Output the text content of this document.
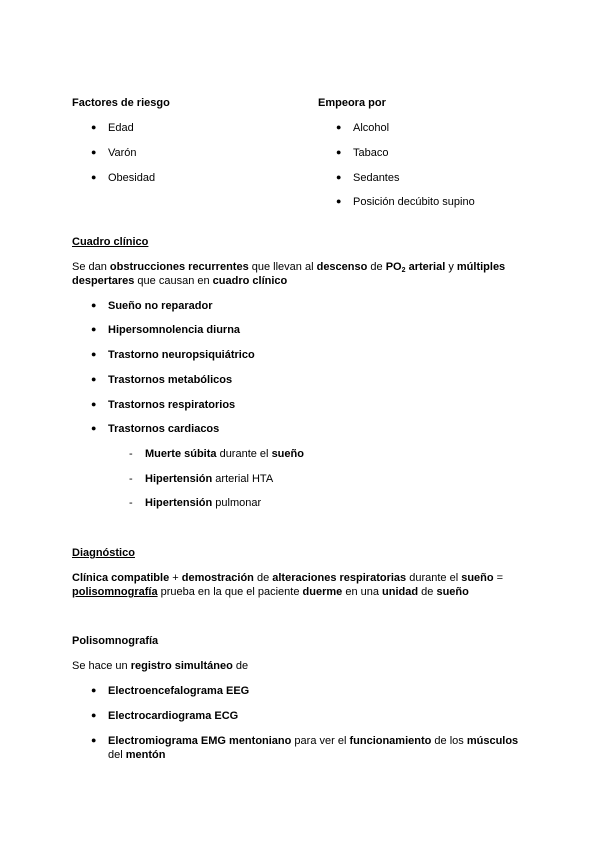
Factores de riesgo
● Edad
● Varón
● Obesidad
Empeora por
● Alcohol
● Tabaco
● Sedantes
● Posición decúbito supino
Cuadro clínico
Se dan obstrucciones recurrentes que llevan al descenso de $PO_2$ arterial y múltiples
despertares que causan en cuadro clínico
● Sueño no reparador
● Hipersomnolencia diurna
● Trastorno neuropsiquiátrico
● Trastornos metabólicos
● Trastornos respiratorios
● Trastornos cardiacos
- Muerte súbita durante el sueño
- Hipertensión arterial HTA
- Hipertensión pulmonar
Diagnóstico
Clínica compatible + demostración de alteraciones respiratorias durante el sueño =
polisomnografía prueba en la que el paciente duerme en una unidad de sueño
Polisomnografía
Se hace un registro simultáneo de
● Electroencefalograma EEG
● Electrocardiograma ECG
● Electromiograma EMG mentoniano para ver el funcionamiento de los músculos
del mentón
